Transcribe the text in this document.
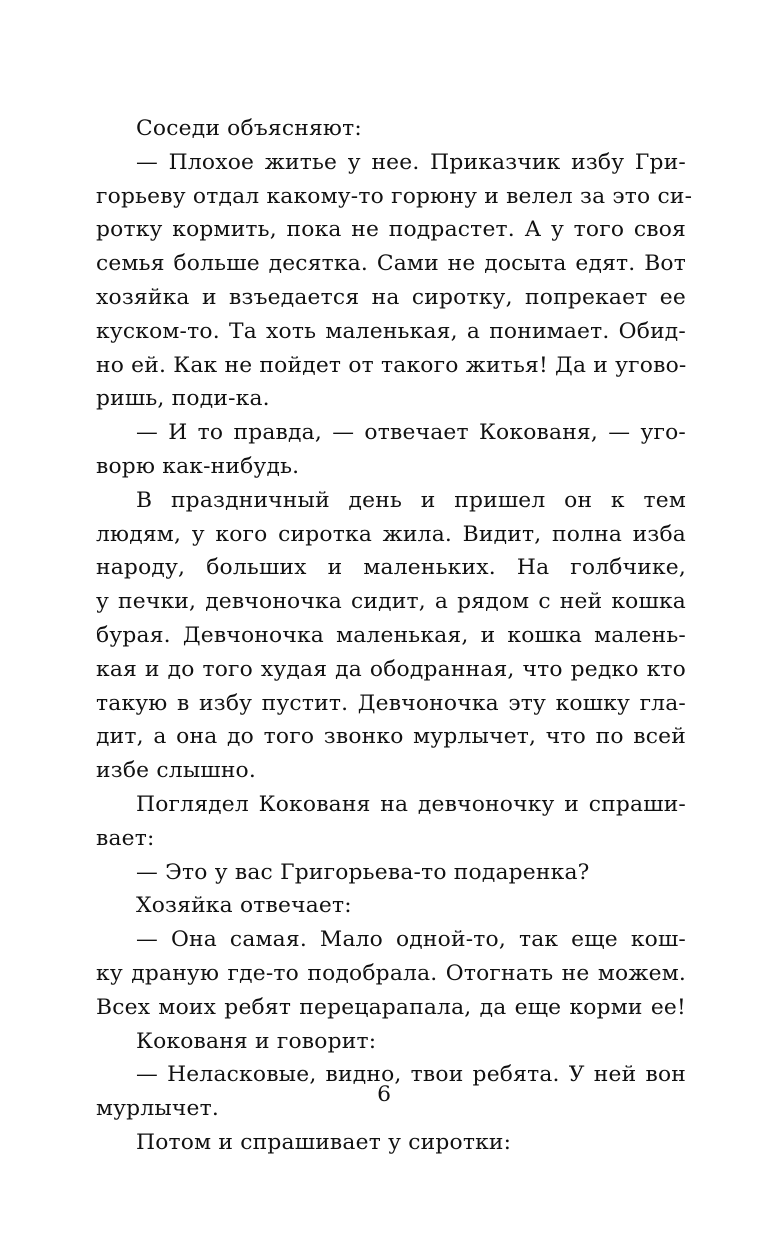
Соседи объясняют:
— Плохое житье у нее. Приказчик избу Гри-
горьеву отдал какому-то горюну и велел за это си-
ротку кормить, пока не подрастет. А у того своя
семья больше десятка. Сами не досыта едят. Вот
хозяйка и взъедается на сиротку, попрекает ее
куском-то. Та хоть маленькая, а понимает. Обид-
но ей. Как не пойдет от такого житья! Да и угово-
ришь, поди-ка.
— И то правда, — отвечает Кокованя, — уго-
ворю как-нибудь.
В праздничный день и пришел он к тем
людям, у кого сиротка жила. Видит, полна изба
народу, больших и маленьких. На голбчике,
у печки, девчоночка сидит, а рядом с ней кошка
бурая. Девчоночка маленькая, и кошка малень-
кая и до того худая да ободранная, что редко кто
такую в избу пустит. Девчоночка эту кошку гла-
дит, а она до того звонко мурлычет, что по всей
избе слышно.
Поглядел Кокованя на девчоночку и спраши-
вает:
— Это у вас Григорьева-то подаренка?
Хозяйка отвечает:
— Она самая. Мало одной-то, так еще кош-
ку драную где-то подобрала. Отогнать не можем.
Всех моих ребят перецарапала, да еще корми ее!
Кокованя и говорит:
— Неласковые, видно, твои ребята. У ней вон
мурлычет.
Потом и спрашивает у сиротки:
6
